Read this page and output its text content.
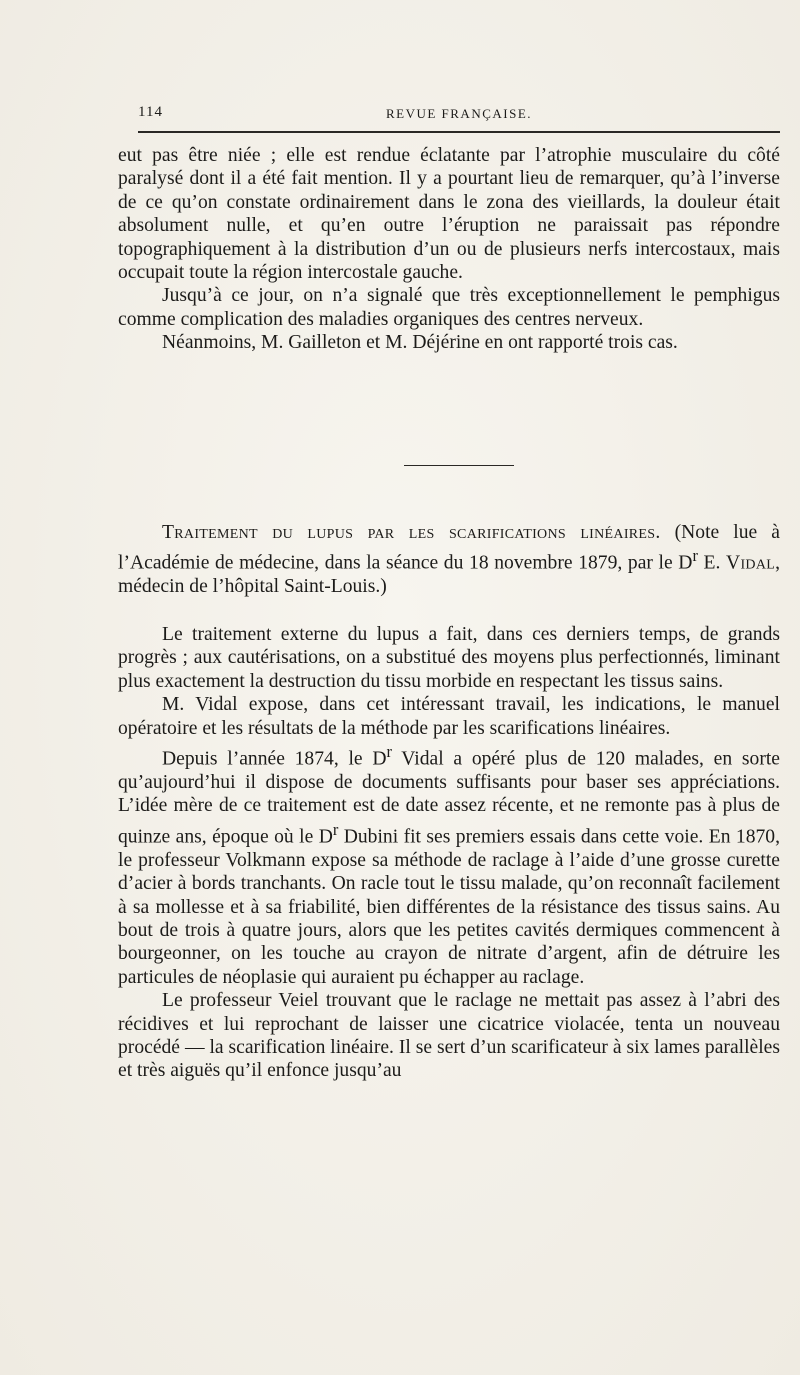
114	REVUE FRANÇAISE.

eut pas être niée ; elle est rendue éclatante par l’atrophie musculaire du côté paralysé dont il a été fait mention. Il y a pourtant lieu de remarquer, qu’à l’inverse de ce qu’on constate ordinairement dans le zona des vieillards, la douleur était absolument nulle, et qu’en outre l’éruption ne paraissait pas répondre topographiquement à la distribution d’un ou de plusieurs nerfs intercostaux, mais occupait toute la région intercostale gauche.

Jusqu’à ce jour, on n’a signalé que très exceptionnellement le pemphigus comme complication des maladies organiques des centres nerveux.

Néanmoins, M. Gailleton et M. Déjérine en ont rapporté trois cas.

Traitement du lupus par les scarifications linéaires. (Note lue à l’Académie de médecine, dans la séance du 18 novembre 1879, par le $D^r$ E. Vidal, médecin de l’hôpital Saint-Louis.)

Le traitement externe du lupus a fait, dans ces derniers temps, de grands progrès ; aux cautérisations, on a substitué des moyens plus perfectionnés, liminant plus exactement la destruction du tissu morbide en respectant les tissus sains.

M. Vidal expose, dans cet intéressant travail, les indications, le manuel opératoire et les résultats de la méthode par les scarifications linéaires.

Depuis l’année 1874, le $D^r$ Vidal a opéré plus de 120 malades, en sorte qu’aujourd’hui il dispose de documents suffisants pour baser ses appréciations. L’idée mère de ce traitement est de date assez récente, et ne remonte pas à plus de quinze ans, époque où le $D^r$ Dubini fit ses premiers essais dans cette voie. En 1870, le professeur Volkmann expose sa méthode de raclage à l’aide d’une grosse curette d’acier à bords tranchants. On racle tout le tissu malade, qu’on reconnaît facilement à sa mollesse et à sa friabilité, bien différentes de la résistance des tissus sains. Au bout de trois à quatre jours, alors que les petites cavités dermiques commencent à bourgeonner, on les touche au crayon de nitrate d’argent, afin de détruire les particules de néoplasie qui auraient pu échapper au raclage.

Le professeur Veiel trouvant que le raclage ne mettait pas assez à l’abri des récidives et lui reprochant de laisser une cicatrice violacée, tenta un nouveau procédé — la scarification linéaire. Il se sert d’un scarificateur à six lames parallèles et très aiguës qu’il enfonce jusqu’au
